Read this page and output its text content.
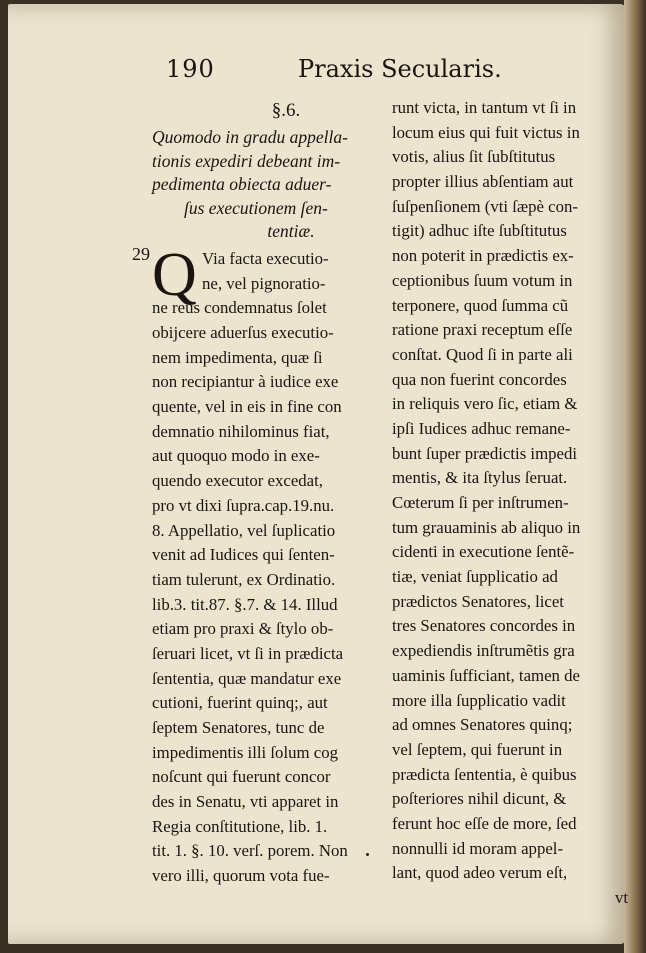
190	Praxis Secularis.
29
§.6.
Quomodo in gradu appella-
tionis expediri debeant im-
pedimenta obiecta aduer-
ſus executionem ſen-
tentiæ.
Q Via facta executio-
ne, vel pignoratio-
ne reus condemnatus ſolet
obijcere aduerſus executio-
nem impedimenta, quæ ſi
non recipiantur à iudice exe
quente, vel in eis in fine con
demnatio nihilominus fiat,
aut quoquo modo in exe-
quendo executor excedat,
pro vt dixi ſupra.cap.19.nu.
8. Appellatio, vel ſuplicatio
venit ad Iudices qui ſenten-
tiam tulerunt, ex Ordinatio.
lib.3. tit.87. §.7. & 14. Illud
etiam pro praxi & ſtylo ob-
ſeruari licet, vt ſi in prædicta
ſententia, quæ mandatur exe
cutioni, fuerint quinq;, aut
ſeptem Senatores, tunc de
impedimentis illi ſolum cog
noſcunt qui fuerunt concor
des in Senatu, vti apparet in
Regia conſtitutione, lib. 1.
tit. 1. §. 10. verſ. porem. Non
vero illi, quorum vota fue-
runt victa, in tantum vt ſi in
locum eius qui fuit victus in
votis, alius ſit ſubſtitutus
propter illius abſentiam aut
ſuſpenſionem (vti ſæpè con-
tigit) adhuc iſte ſubſtitutus
non poterit in prædictis ex-
ceptionibus ſuum votum in
terponere, quod ſumma cũ
ratione praxi receptum eſſe
conſtat. Quod ſi in parte ali
qua non fuerint concordes
in reliquis vero ſic, etiam &
ipſi Iudices adhuc remane-
bunt ſuper prædictis impedi
mentis, & ita ſtylus ſeruat.
Cœterum ſi per inſtrumen-
tum grauaminis ab aliquo in
cidenti in executione ſentẽ-
tiæ, veniat ſupplicatio ad
prædictos Senatores, licet
tres Senatores concordes in
expediendis inſtrumẽtis gra
uaminis ſufficiant, tamen de
more illa ſupplicatio vadit
ad omnes Senatores quinq;
vel ſeptem, qui fuerunt in
prædicta ſententia, è quibus
poſteriores nihil dicunt, &
ferunt hoc eſſe de more, ſed
nonnulli id moram appel-
lant, quod adeo verum eſt,
vt
